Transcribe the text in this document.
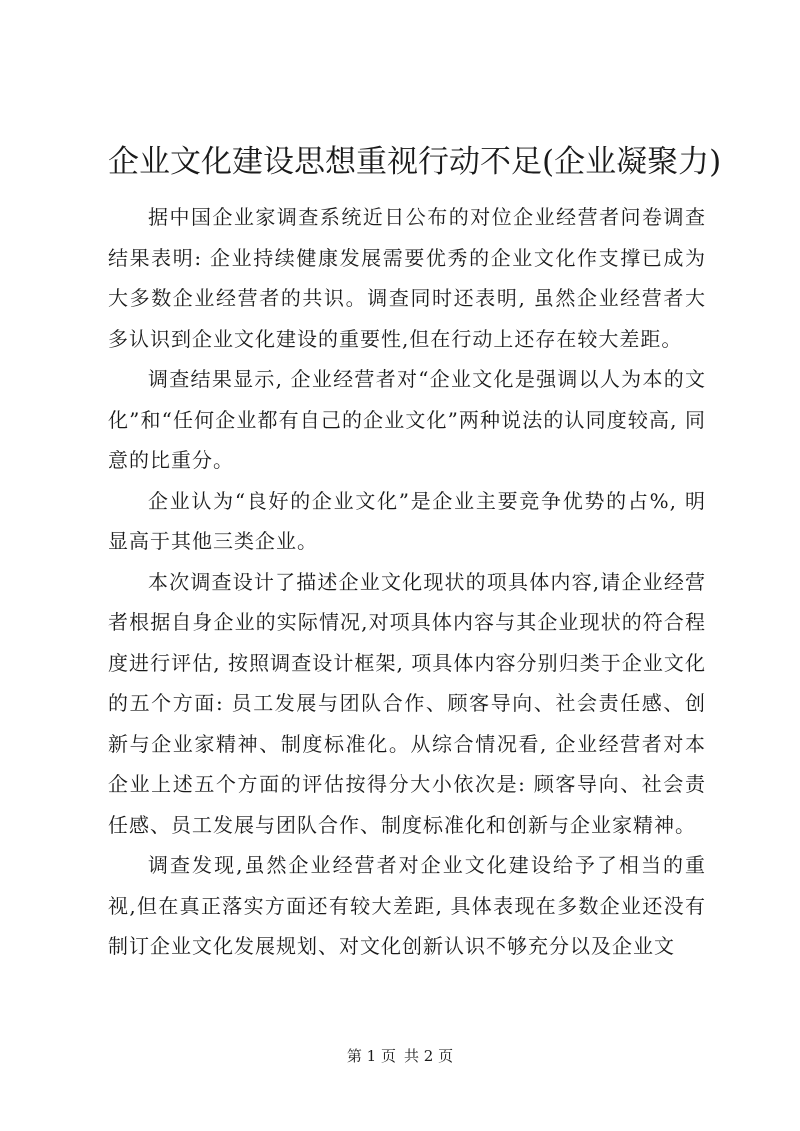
企业文化建设思想重视行动不足(企业凝聚力)

据中国企业家调查系统近日公布的对位企业经营者问卷调查结果表明: 企业持续健康发展需要优秀的企业文化作支撑已成为大多数企业经营者的共识。调查同时还表明, 虽然企业经营者大多认识到企业文化建设的重要性,但在行动上还存在较大差距。

调查结果显示, 企业经营者对“企业文化是强调以人为本的文化”和“任何企业都有自己的企业文化”两种说法的认同度较高, 同意的比重分。

企业认为“良好的企业文化”是企业主要竞争优势的占%, 明显高于其他三类企业。

本次调查设计了描述企业文化现状的项具体内容,请企业经营者根据自身企业的实际情况,对项具体内容与其企业现状的符合程度进行评估, 按照调查设计框架, 项具体内容分别归类于企业文化的五个方面: 员工发展与团队合作、顾客导向、社会责任感、创新与企业家精神、制度标准化。从综合情况看, 企业经营者对本企业上述五个方面的评估按得分大小依次是: 顾客导向、社会责任感、员工发展与团队合作、制度标准化和创新与企业家精神。

调查发现,虽然企业经营者对企业文化建设给予了相当的重视,但在真正落实方面还有较大差距, 具体表现在多数企业还没有制订企业文化发展规划、对文化创新认识不够充分以及企业文

第 1 页 共 2 页
